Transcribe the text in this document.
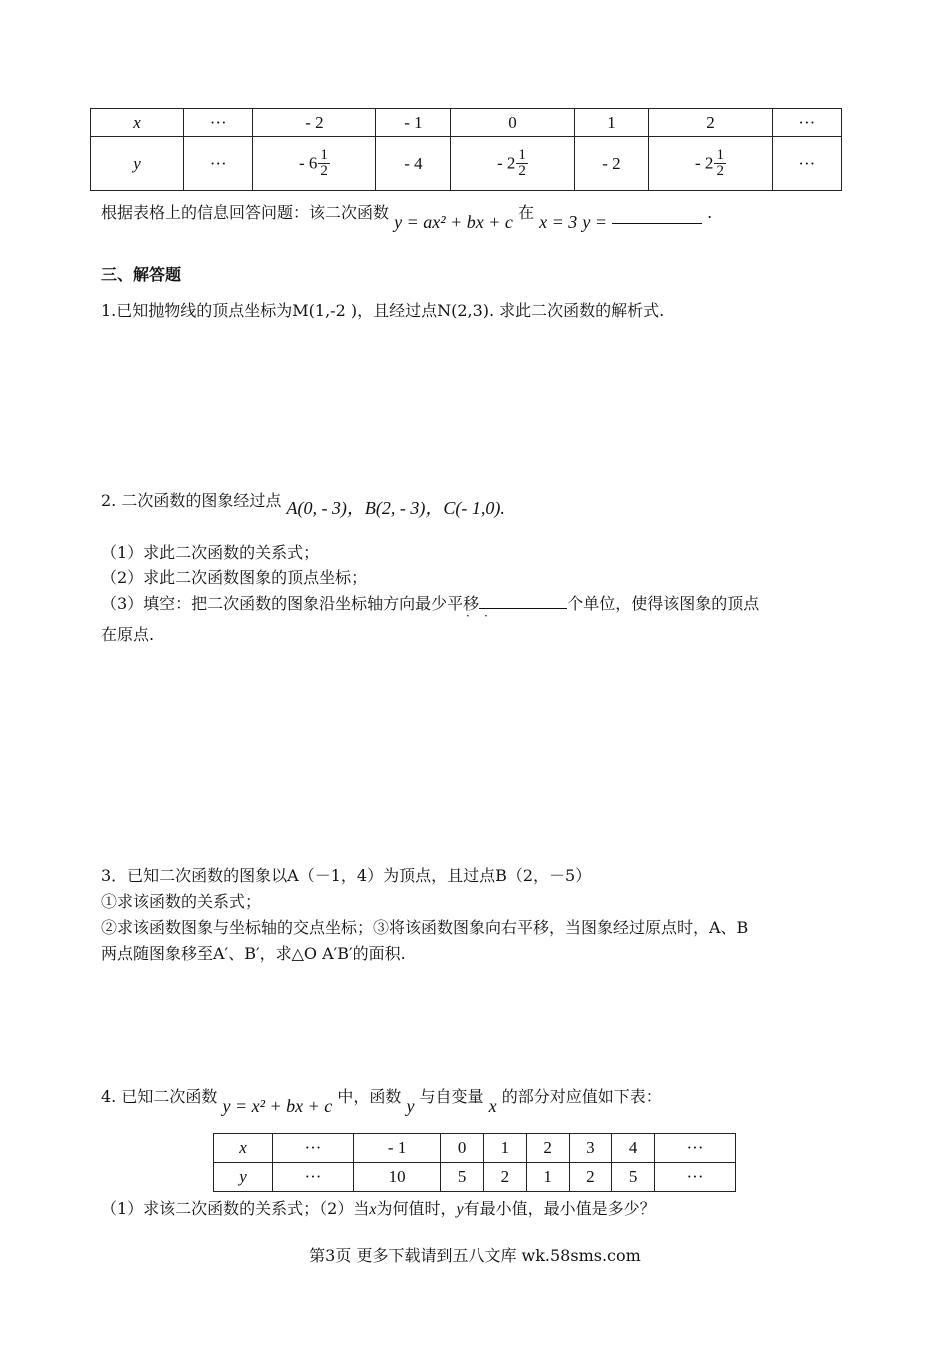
x	···	- 2	- 1	0	1	2	···
y	···	- $6 \frac{1}{2}$	- 4	- $2 \frac{1}{2}$	- 2	- $2 \frac{1}{2}$	···
根据表格上的信息回答问题：该二次函数 y = ax² + bx + c 在 x = 3 y =	.
三、解答题
1.已知抛物线的顶点坐标为M(1,-2 )，且经过点N(2,3). 求此二次函数的解析式.
2. 二次函数的图象经过点 A(0, - 3)，B(2, - 3)，C(- 1,0).
（1）求此二次函数的关系式；
（2）求此二次函数图象的顶点坐标；
（3）填空：把二次函数的图象沿坐标轴方向最少平移	个单位，使得该图象的顶点
· ·
在原点.
3．已知二次函数的图象以A（－1，4）为顶点，且过点B（2，－5）
①求该函数的关系式；
②求该函数图象与坐标轴的交点坐标；③将该函数图象向右平移，当图象经过原点时，A、B
两点随图象移至A′、B′，求△O A′B′的面积.
4. 已知二次函数 y = x² + bx + c 中，函数 y 与自变量 x 的部分对应值如下表：
x	···	- 1	0	1	2	3	4	···
y	···	10	5	2	1	2	5	···
（1）求该二次函数的关系式；（2）当x为何值时，y有最小值，最小值是多少？
第3页 更多下载请到五八文库 wk.58sms.com
